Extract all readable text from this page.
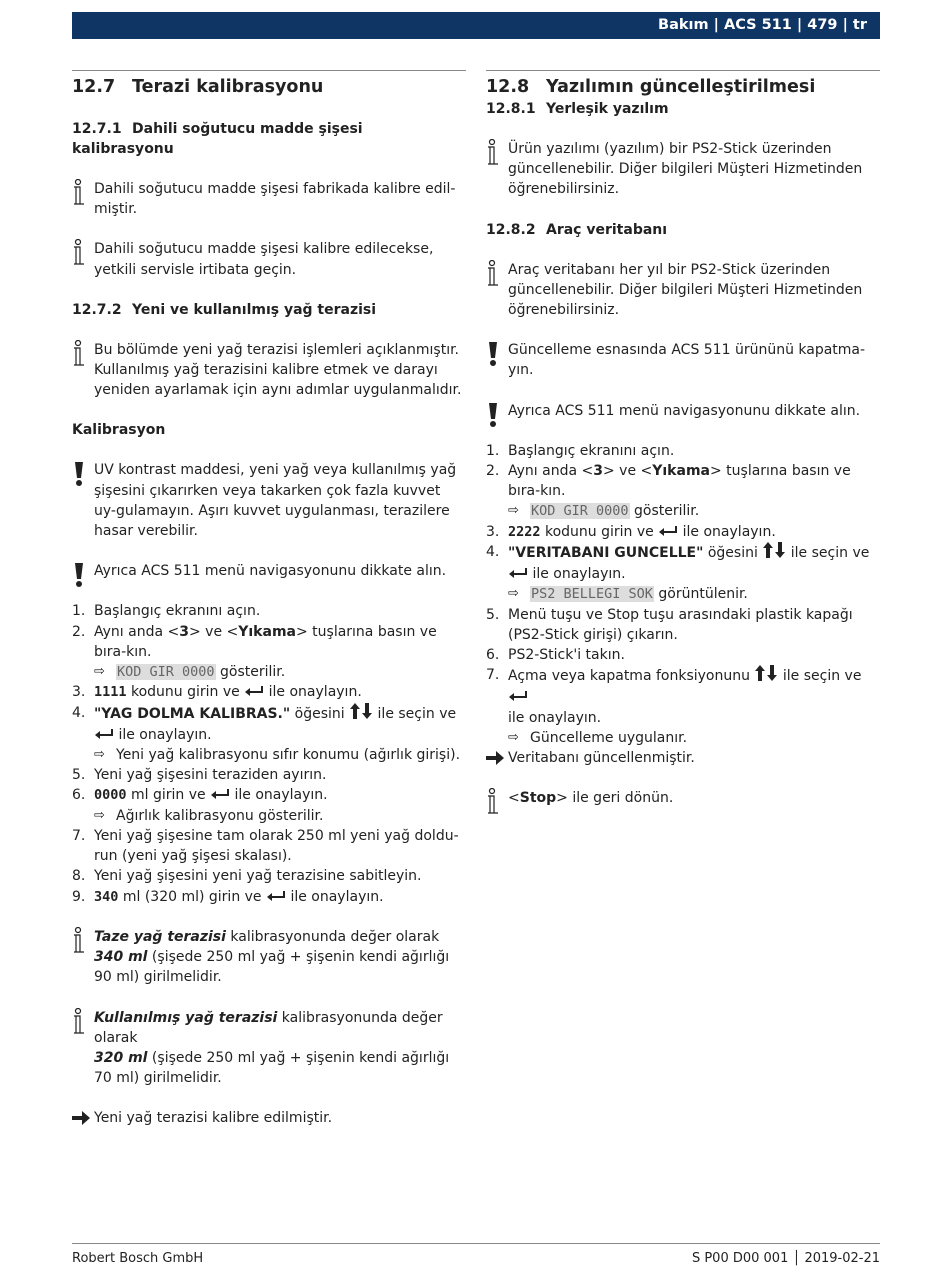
Bakım | ACS 511 | 479 | tr
12.7 Terazi kalibrasyonu
12.7.1 Dahili soğutucu madde şişesi kalibrasyonu
Dahili soğutucu madde şişesi fabrikada kalibre edil-miştir.
Dahili soğutucu madde şişesi kalibre edilecekse, yetkili servisle irtibata geçin.
12.7.2 Yeni ve kullanılmış yağ terazisi
Bu bölümde yeni yağ terazisi işlemleri açıklanmıştır. Kullanılmış yağ terazisini kalibre etmek ve darayı yeniden ayarlamak için aynı adımlar uygulanmalıdır.
Kalibrasyon
UV kontrast maddesi, yeni yağ veya kullanılmış yağ şişesini çıkarırken veya takarken çok fazla kuvvet uy-gulamayın. Aşırı kuvvet uygulanması, terazilere hasar verebilir.
Ayrıca ACS 511 menü navigasyonunu dikkate alın.
1. Başlangıç ekranını açın.
2. Aynı anda <3> ve <Yıkama> tuşlarına basın ve bıra-kın.
⇨ KOD GIR 0000 gösterilir.
3. 1111 kodunu girin ve  ile onaylayın.
4. "YAG DOLMA KALIBRAS." öğesini  ile seçin ve
ile onaylayın.
⇨ Yeni yağ kalibrasyonu sıfır konumu (ağırlık girişi).
5. Yeni yağ şişesini teraziden ayırın.
6. 0000 ml girin ve  ile onaylayın.
⇨ Ağırlık kalibrasyonu gösterilir.
7. Yeni yağ şişesine tam olarak 250 ml yeni yağ doldu-run (yeni yağ şişesi skalası).
8. Yeni yağ şişesini yeni yağ terazisine sabitleyin.
9. 340 ml (320 ml) girin ve  ile onaylayın.
Taze yağ terazisi kalibrasyonunda değer olarak
340 ml (şişede 250 ml yağ + şişenin kendi ağırlığı 90 ml) girilmelidir.
Kullanılmış yağ terazisi kalibrasyonunda değer olarak
320 ml (şişede 250 ml yağ + şişenin kendi ağırlığı 70 ml) girilmelidir.
Yeni yağ terazisi kalibre edilmiştir.
12.8 Yazılımın güncelleştirilmesi
12.8.1 Yerleşik yazılım
Ürün yazılımı (yazılım) bir PS2-Stick üzerinden güncellenebilir. Diğer bilgileri Müşteri Hizmetinden öğrenebilirsiniz.
12.8.2 Araç veritabanı
Araç veritabanı her yıl bir PS2-Stick üzerinden güncellenebilir. Diğer bilgileri Müşteri Hizmetinden öğrenebilirsiniz.
Güncelleme esnasında ACS 511 ürününü kapatma-yın.
Ayrıca ACS 511 menü navigasyonunu dikkate alın.
1. Başlangıç ekranını açın.
2. Aynı anda <3> ve <Yıkama> tuşlarına basın ve bıra-kın.
⇨ KOD GIR 0000 gösterilir.
3. 2222 kodunu girin ve  ile onaylayın.
4. "VERITABANI GUNCELLE" öğesini  ile seçin ve
ile onaylayın.
⇨ PS2 BELLEGI SOK görüntülenir.
5. Menü tuşu ve Stop tuşu arasındaki plastik kapağı (PS2-Stick girişi) çıkarın.
6. PS2-Stick'i takın.
7. Açma veya kapatma fonksiyonunu  ile seçin ve
ile onaylayın.
⇨ Güncelleme uygulanır.
Veritabanı güncellenmiştir.
<Stop> ile geri dönün.
Robert Bosch GmbH	S P00 D00 001 │ 2019-02-21
